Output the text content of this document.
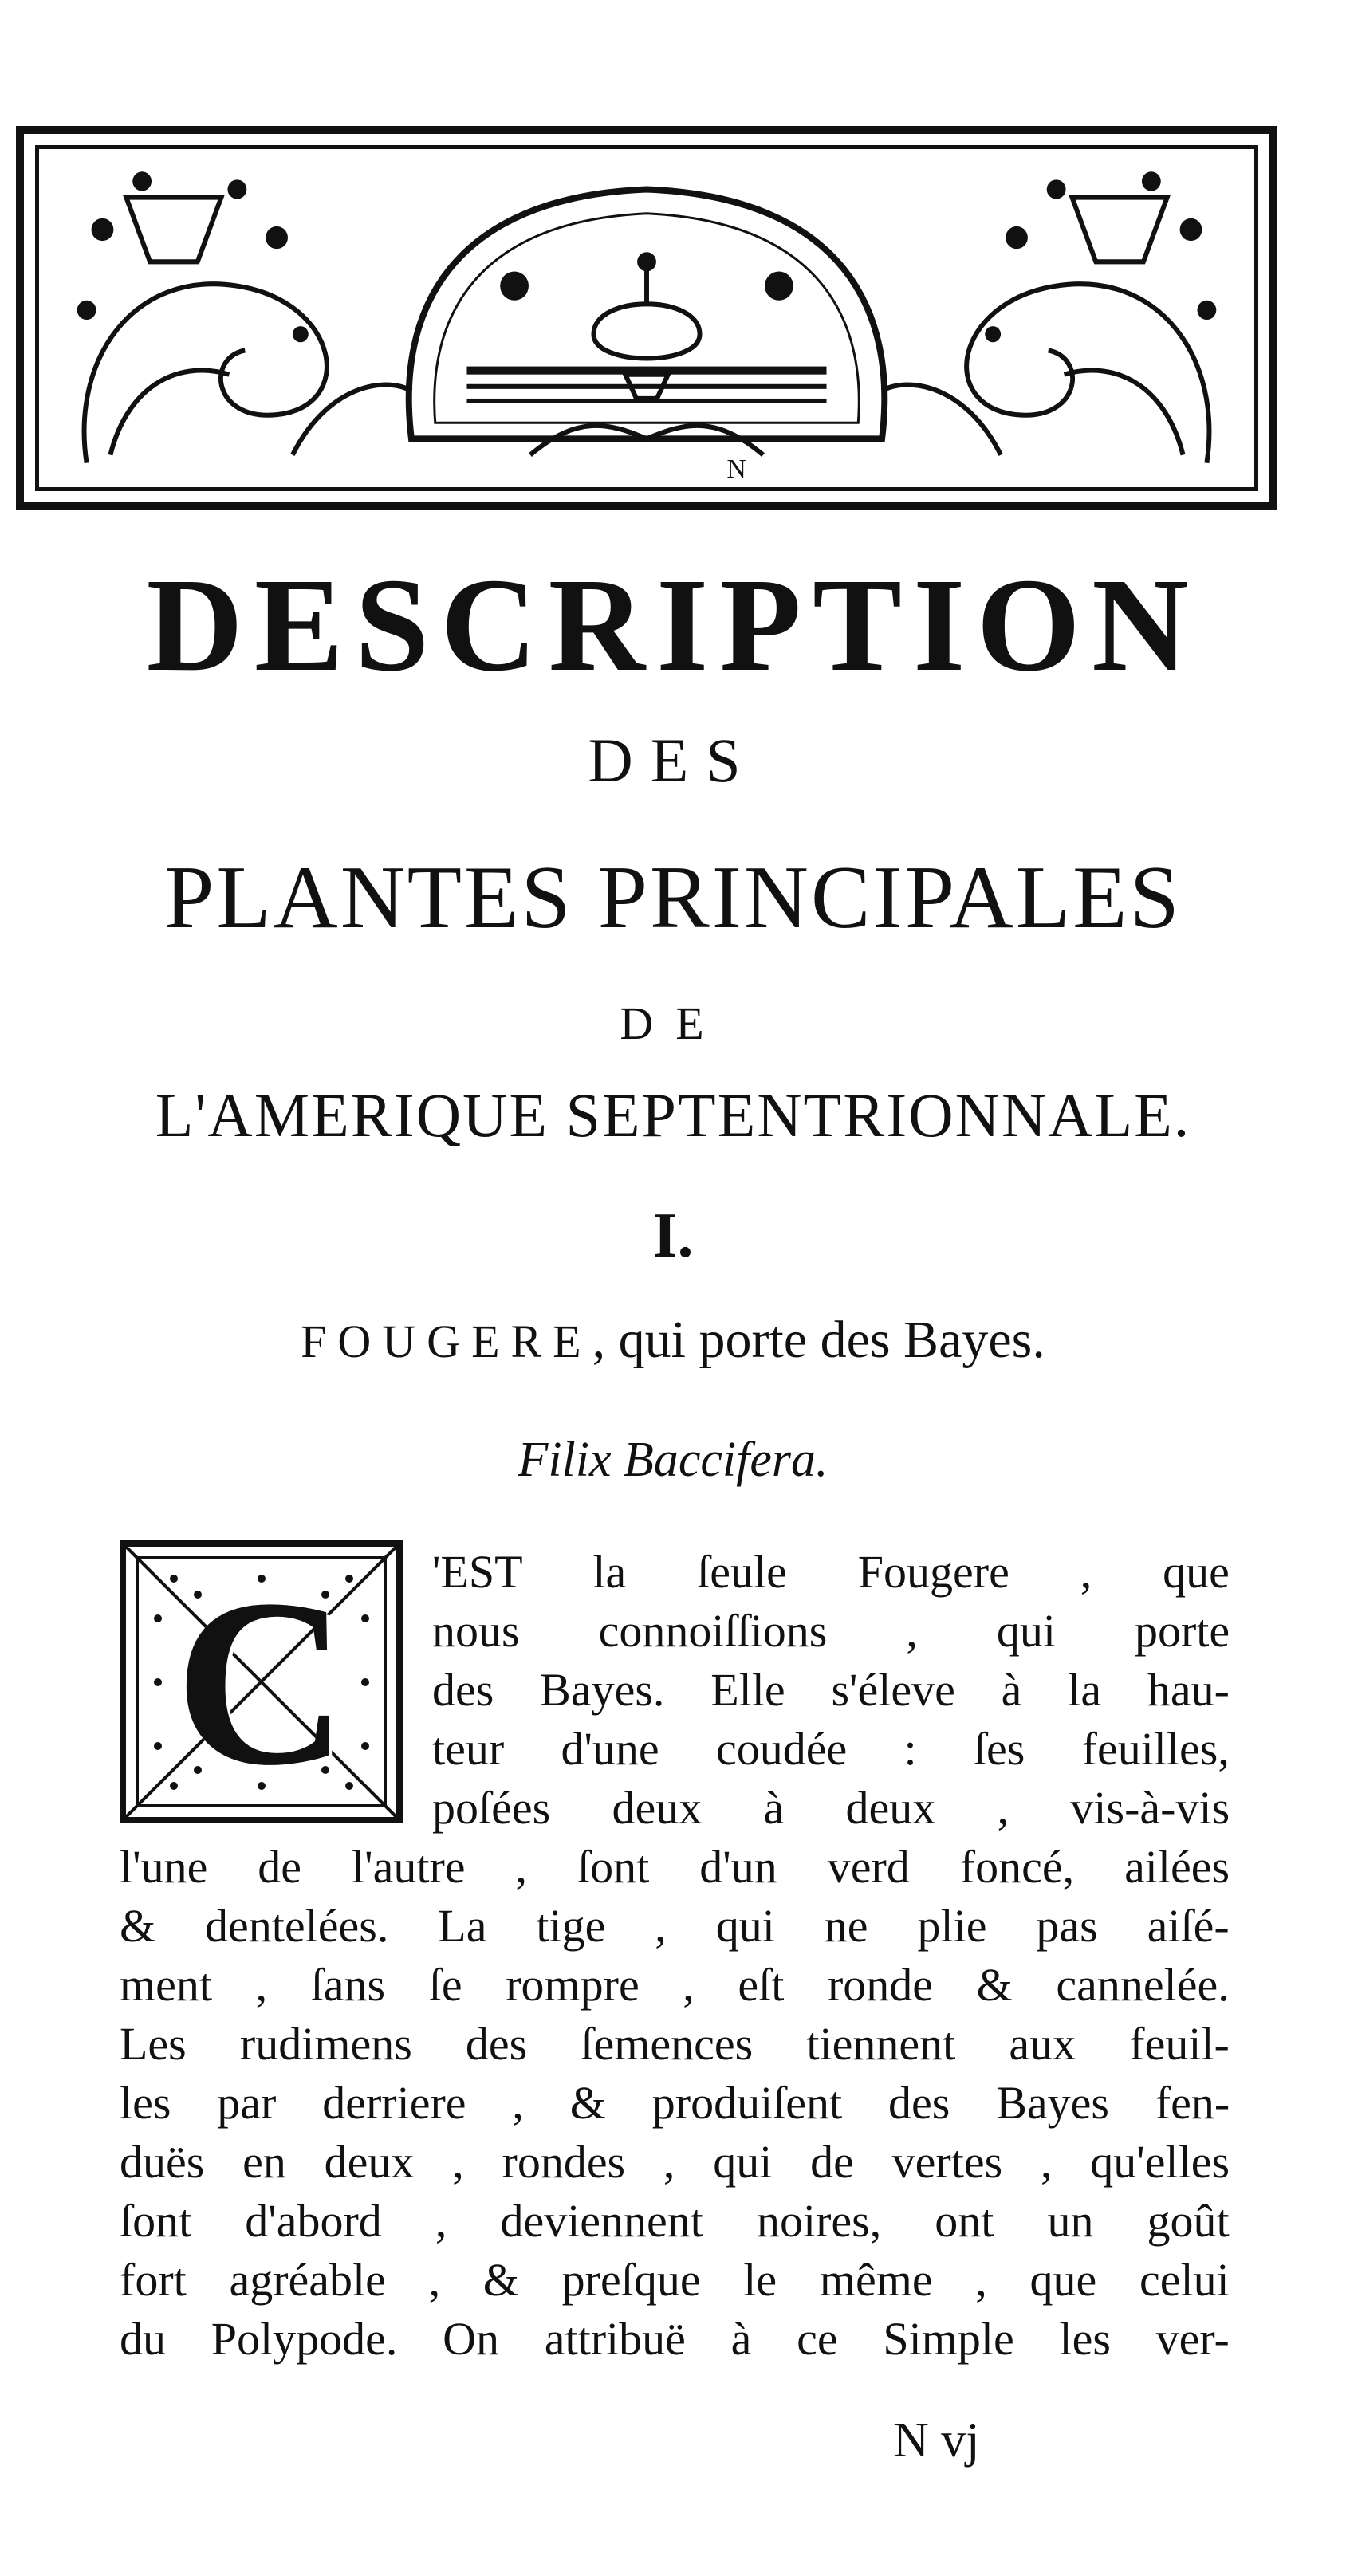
N
DESCRIPTION
DES
PLANTES PRINCIPALES
DE
L'AMERIQUE SEPTENTRIONNALE.
I.
FOUGERE, qui porte des Bayes.
Filix Baccifera.
C	'EST la ſeule Fougere , que
nous connoiſſions , qui porte
des Bayes. Elle s'éleve à la hau-
teur d'une coudée : ſes feuilles,
poſées deux à deux , vis-à-vis
l'une de l'autre , ſont d'un verd foncé, ailées
& dentelées. La tige , qui ne plie pas aiſé-
ment , ſans ſe rompre , eſt ronde & cannelée.
Les rudimens des ſemences tiennent aux feuil-
les par derriere , & produiſent des Bayes fen-
duës en deux , rondes , qui de vertes , qu'elles
ſont d'abord , deviennent noires, ont un goût
fort agréable , & preſque le même , que celui
du Polypode. On attribuë à ce Simple les ver-
N vj
